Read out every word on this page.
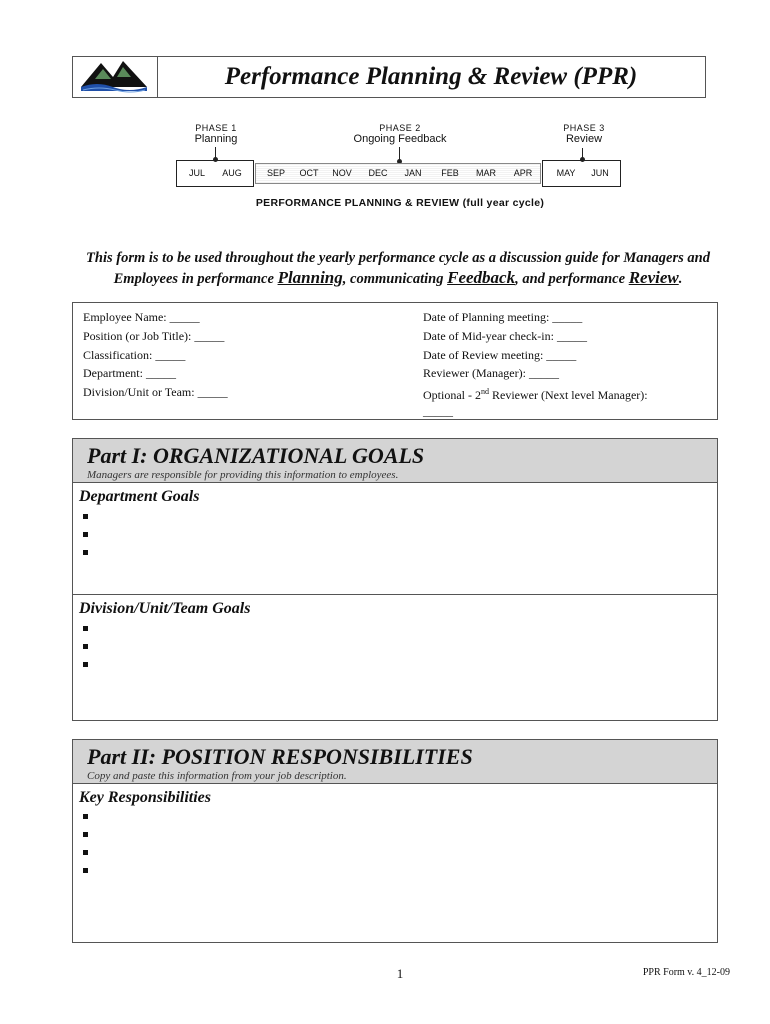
Performance Planning & Review (PPR)
PHASE 1
Planning
PHASE 2
Ongoing Feedback
PHASE 3
Review
JUL	AUG	SEP	OCT	NOV	DEC	JAN	FEB	MAR	APR	MAY	JUN
PERFORMANCE PLANNING & REVIEW (full year cycle)
This form is to be used throughout the yearly performance cycle as a discussion guide for Managers and
Employees in performance Planning, communicating Feedback, and performance Review.
Employee Name: _____
Position (or Job Title): _____
Classification: _____
Department: _____
Division/Unit or Team: _____
Date of Planning meeting: _____
Date of Mid-year check-in: _____
Date of Review meeting: _____
Reviewer (Manager): _____
Optional - 2nd Reviewer (Next level Manager):
_____
Part I: ORGANIZATIONAL GOALS
Managers are responsible for providing this information to employees.
Department Goals
Division/Unit/Team Goals
Part II: POSITION RESPONSIBILITIES
Copy and paste this information from your job description.
Key Responsibilities
1	PPR Form v. 4_12-09
